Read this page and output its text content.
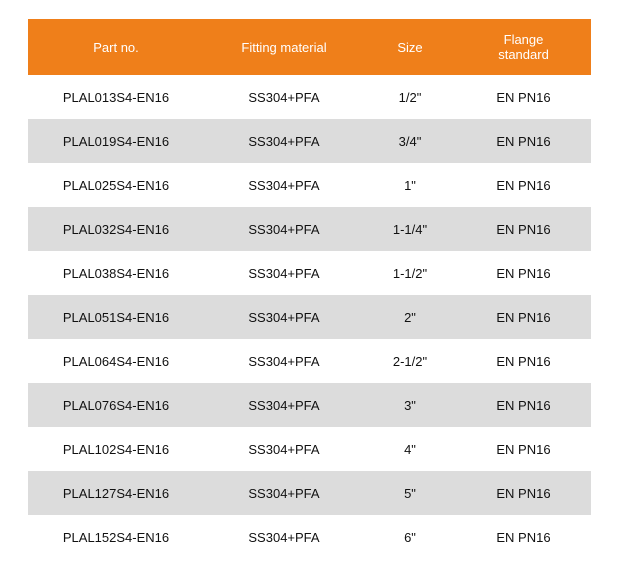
Part no.	Fitting material	Size	Flange
standard
PLAL013S4-EN16	SS304+PFA	1/2"	EN PN16
PLAL019S4-EN16	SS304+PFA	3/4"	EN PN16
PLAL025S4-EN16	SS304+PFA	1"	EN PN16
PLAL032S4-EN16	SS304+PFA	1-1/4"	EN PN16
PLAL038S4-EN16	SS304+PFA	1-1/2"	EN PN16
PLAL051S4-EN16	SS304+PFA	2"	EN PN16
PLAL064S4-EN16	SS304+PFA	2-1/2"	EN PN16
PLAL076S4-EN16	SS304+PFA	3"	EN PN16
PLAL102S4-EN16	SS304+PFA	4"	EN PN16
PLAL127S4-EN16	SS304+PFA	5"	EN PN16
PLAL152S4-EN16	SS304+PFA	6"	EN PN16
